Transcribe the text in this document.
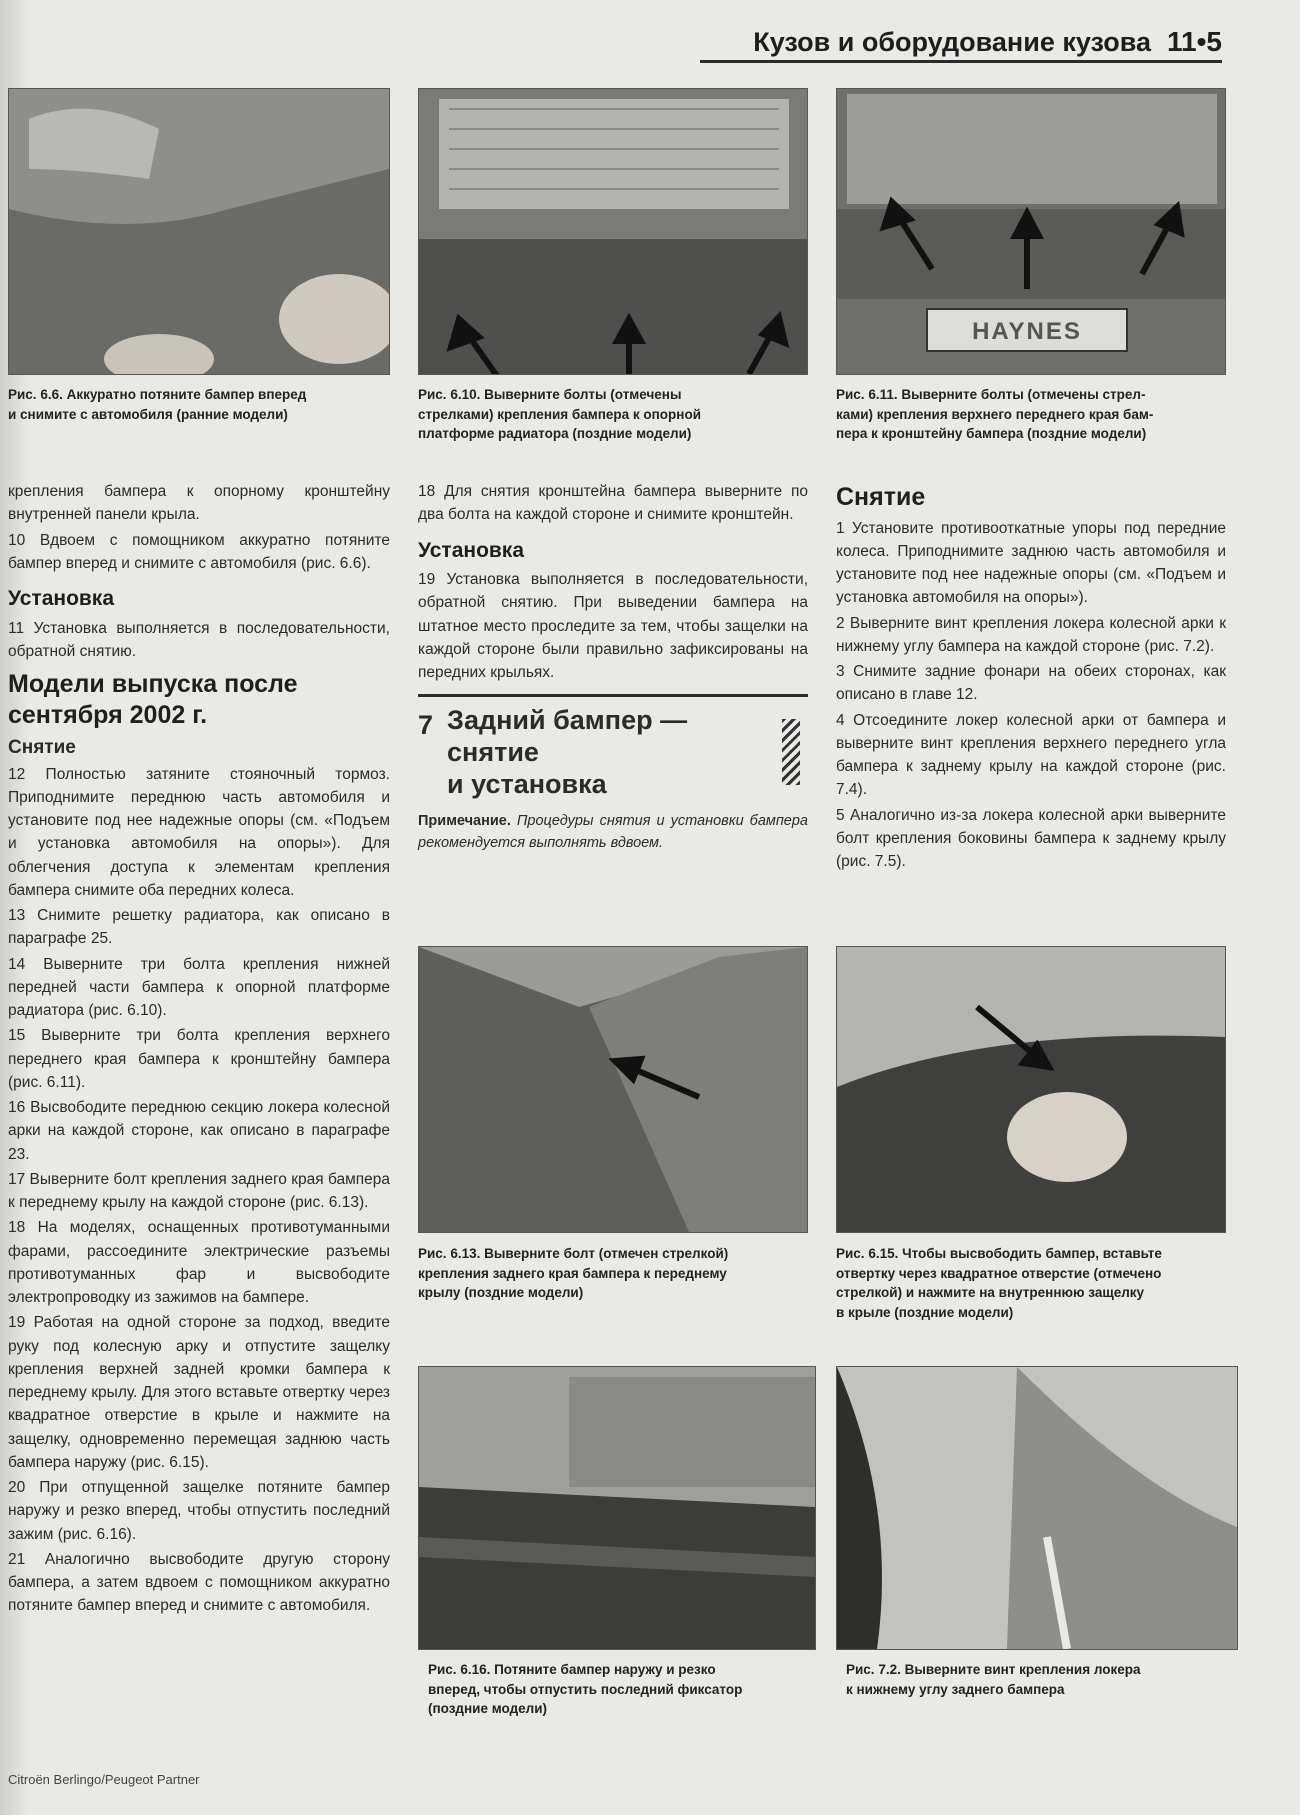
Кузов и оборудование кузова 11•5
Рис. 6.6. Аккуратно потяните бампер вперед
и снимите с автомобиля (ранние модели)
Рис. 6.10. Выверните болты (отмечены
стрелками) крепления бампера к опорной
платформе радиатора (поздние модели)
HAYNES
Рис. 6.11. Выверните болты (отмечены стрел-
ками) крепления верхнего переднего края бам-
пера к кронштейну бампера (поздние модели)

крепления бампера к опорному кронштейну внутренней панели крыла.

10 Вдвоем с помощником аккуратно потяните бампер вперед и снимите с автомобиля (рис. 6.6).

Установка

11 Установка выполняется в последовательности, обратной снятию.

Модели выпуска после сентября 2002 г.
Снятие

12 Полностью затяните стояночный тормоз. Приподнимите переднюю часть автомобиля и установите под нее надежные опоры (см. «Подъем и установка автомобиля на опоры»). Для облегчения доступа к элементам крепления бампера снимите оба передних колеса.

13 Снимите решетку радиатора, как описано в параграфе 25.

14 Выверните три болта крепления нижней передней части бампера к опорной платформе радиатора (рис. 6.10).

15 Выверните три болта крепления верхнего переднего края бампера к кронштейну бампера (рис. 6.11).

16 Высвободите переднюю секцию локера колесной арки на каждой стороне, как описано в параграфе 23.

17 Выверните болт крепления заднего края бампера к переднему крылу на каждой стороне (рис. 6.13).

18 На моделях, оснащенных противотуманными фарами, рассоедините электрические разъемы противотуманных фар и высвободите электропроводку из зажимов на бампере.

19 Работая на одной стороне за подход, введите руку под колесную арку и отпустите защелку крепления верхней задней кромки бампера к переднему крылу. Для этого вставьте отвертку через квадратное отверстие в крыле и нажмите на защелку, одновременно перемещая заднюю часть бампера наружу (рис. 6.15).

20 При отпущенной защелке потяните бампер наружу и резко вперед, чтобы отпустить последний зажим (рис. 6.16).

21 Аналогично высвободите другую сторону бампера, а затем вдвоем с помощником аккуратно потяните бампер вперед и снимите с автомобиля.

18 Для снятия кронштейна бампера выверните по два болта на каждой стороне и снимите кронштейн.

Установка

19 Установка выполняется в последовательности, обратной снятию. При выведении бампера на штатное место проследите за тем, чтобы защелки на каждой стороне были правильно зафиксированы на передних крыльях.

7 Задний бампер —
снятие
и установка

Примечание. Процедуры снятия и установки бампера рекомендуется выполнять вдвоем.

Снятие

1 Установите противооткатные упоры под передние колеса. Приподнимите заднюю часть автомобиля и установите под нее надежные опоры (см. «Подъем и установка автомобиля на опоры»).

2 Выверните винт крепления локера колесной арки к нижнему углу бампера на каждой стороне (рис. 7.2).

3 Снимите задние фонари на обеих сторонах, как описано в главе 12.

4 Отсоедините локер колесной арки от бампера и выверните винт крепления верхнего переднего угла бампера к заднему крылу на каждой стороне (рис. 7.4).

5 Аналогично из-за локера колесной арки выверните болт крепления боковины бампера к заднему крылу (рис. 7.5).

Рис. 6.13. Выверните болт (отмечен стрелкой)
крепления заднего края бампера к переднему
крылу (поздние модели)
Рис. 6.15. Чтобы высвободить бампер, вставьте
отвертку через квадратное отверстие (отмечено
стрелкой) и нажмите на внутреннюю защелку
в крыле (поздние модели)
Рис. 6.16. Потяните бампер наружу и резко
вперед, чтобы отпустить последний фиксатор
(поздние модели)
Рис. 7.2. Выверните винт крепления локера
к нижнему углу заднего бампера
Citroën Berlingo/Peugeot Partner
